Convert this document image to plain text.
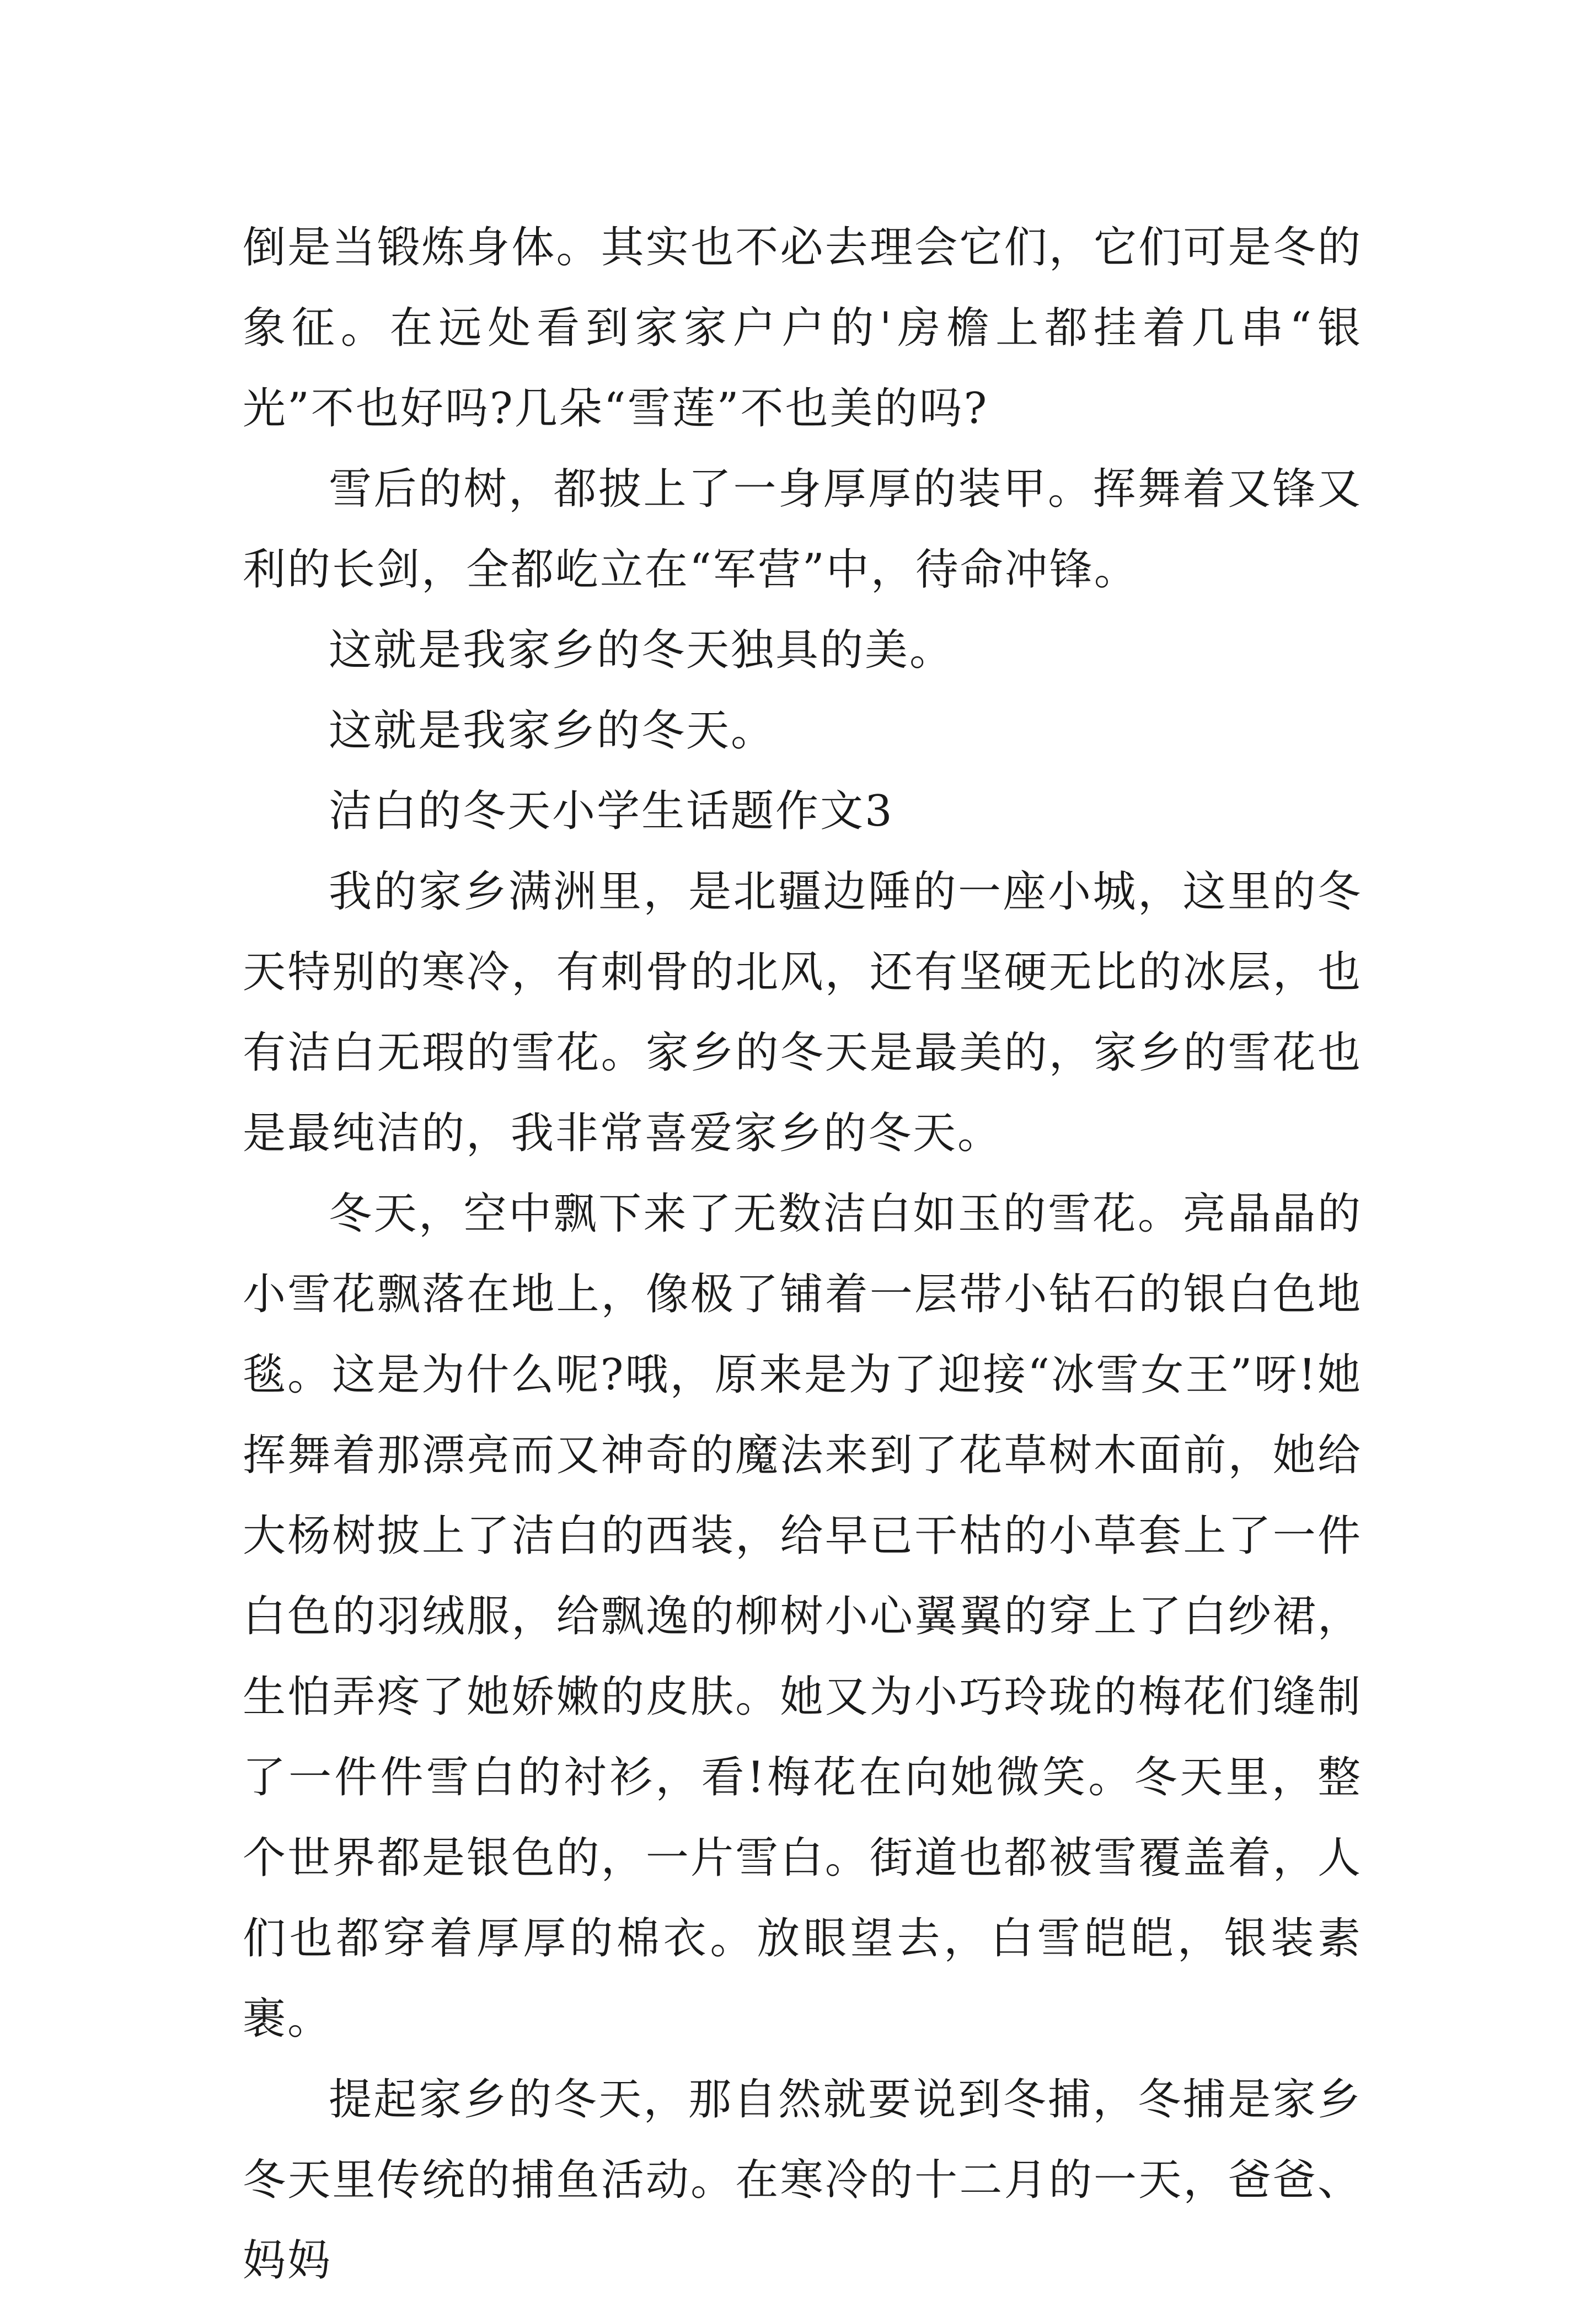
倒是当锻炼身体。其实也不必去理会它们，它们可是冬的象征。在远处看到家家户户的'房檐上都挂着几串“银光”不也好吗?几朵“雪莲”不也美的吗?

雪后的树，都披上了一身厚厚的装甲。挥舞着又锋又利的长剑，全都屹立在“军营”中，待命冲锋。

这就是我家乡的冬天独具的美。

这就是我家乡的冬天。

洁白的冬天小学生话题作文3

我的家乡满洲里，是北疆边陲的一座小城，这里的冬天特别的寒冷，有刺骨的北风，还有坚硬无比的冰层，也有洁白无瑕的雪花。家乡的冬天是最美的，家乡的雪花也是最纯洁的，我非常喜爱家乡的冬天。

冬天，空中飘下来了无数洁白如玉的雪花。亮晶晶的小雪花飘落在地上，像极了铺着一层带小钻石的银白色地毯。这是为什么呢?哦，原来是为了迎接“冰雪女王”呀!她挥舞着那漂亮而又神奇的魔法来到了花草树木面前，她给大杨树披上了洁白的西装，给早已干枯的小草套上了一件白色的羽绒服，给飘逸的柳树小心翼翼的穿上了白纱裙，生怕弄疼了她娇嫩的皮肤。她又为小巧玲珑的梅花们缝制了一件件雪白的衬衫，看!梅花在向她微笑。冬天里，整个世界都是银色的，一片雪白。街道也都被雪覆盖着，人们也都穿着厚厚的棉衣。放眼望去，白雪皑皑，银装素裹。

提起家乡的冬天，那自然就要说到冬捕，冬捕是家乡冬天里传统的捕鱼活动。在寒冷的十二月的一天，爸爸、妈妈
